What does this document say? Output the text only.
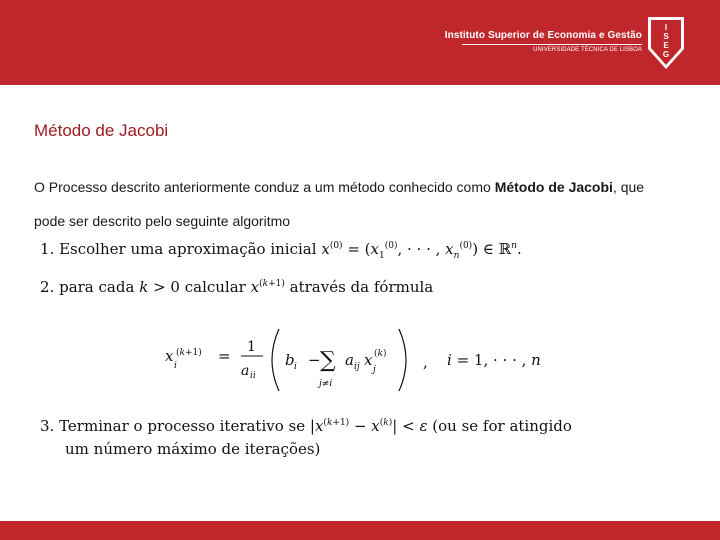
Instituto Superior de Economia e Gestão
UNIVERSIDADE TÉCNICA DE LISBOA
I
S
E
G
Método de Jacobi
O Processo descrito anteriormente conduz a um método conhecido como Método de Jacobi, que pode ser descrito pelo seguinte algoritmo
1. Escolher uma aproximação inicial $x^{(0)} = (x_1^{(0)}$, · · · , $x_n^{(0)}$) ∈ ℝ$^n$.
2. para cada k > 0 calcular $x^{(k+1)}$ através da fórmula
x
i
(k+1) = 1
a ii
b i − ∑
j≠i
a ij x
j
(k) , i = 1, · · · , n
3. Terminar o processo iterativo se $|x^{(k+1)} - x^{(k)}| < \varepsilon$ (ou se for atingido
um número máximo de iterações)
